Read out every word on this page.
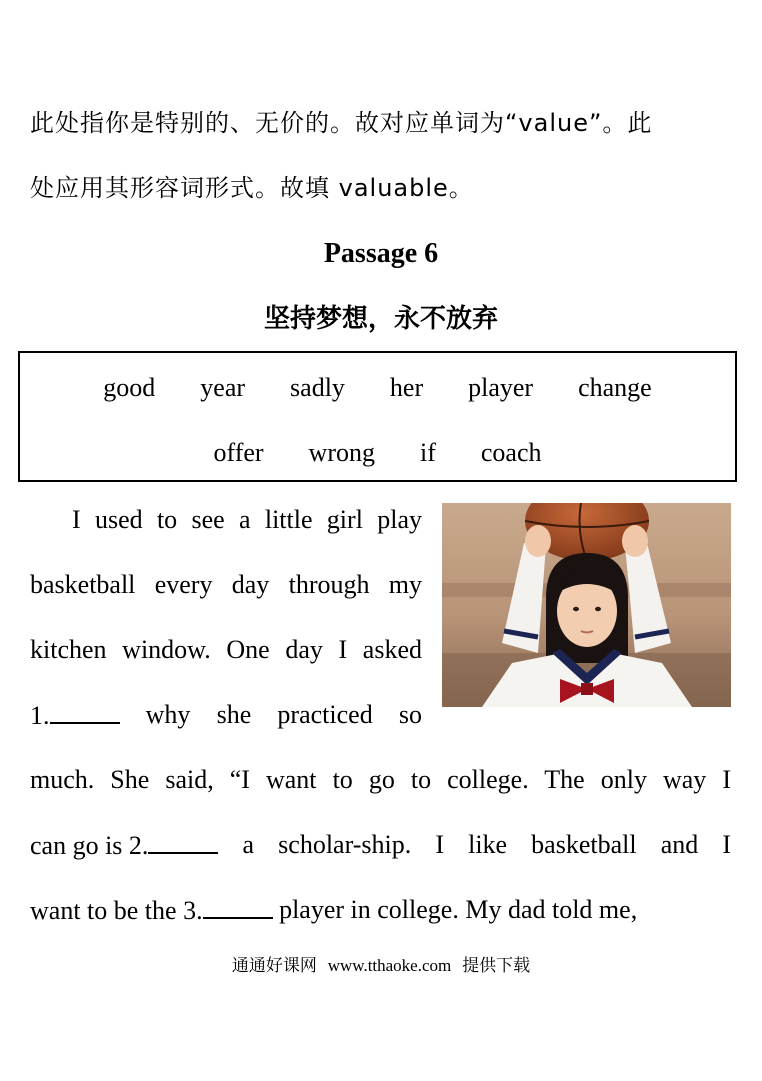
此处指你是特别的、无价的。故对应单词为“value”。此
处应用其形容词形式。故填 valuable。
Passage 6
坚持梦想，永不放弃
good year sadly her player change
offer wrong if coach
I used to see a little girl play
basketball every day through my
kitchen window. One day I asked
1.	why she practiced so
much. She said, “I want to go to college. The only way I
can go is 2.	a scholar-ship. I like basketball and I
want to be the 3.	player in college. My dad told me,
通通好课网 www.tthaoke.com 提供下载
